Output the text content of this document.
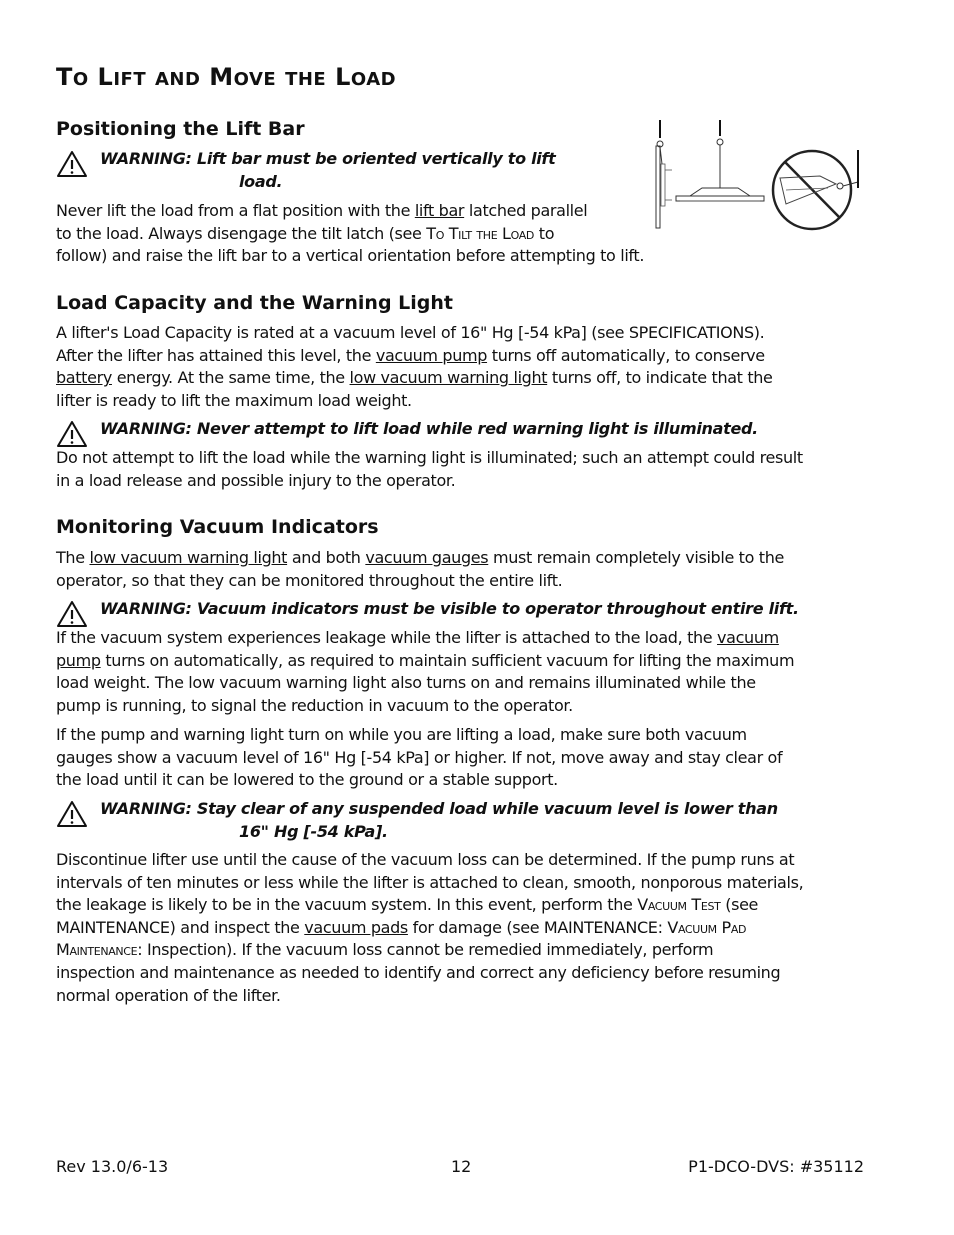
TO LIFT AND MOVE THE LOAD
Positioning the Lift Bar
WARNING: Lift bar must be oriented vertically to lift
load.

Never lift the load from a flat position with the lift bar latched parallel

to the load. Always disengage the tilt latch (see To Tilt the Load to

follow) and raise the lift bar to a vertical orientation before attempting to lift.

Load Capacity and the Warning Light

A lifter's Load Capacity is rated at a vacuum level of 16" Hg [-54 kPa] (see SPECIFICATIONS).

After the lifter has attained this level, the vacuum pump turns off automatically, to conserve

battery energy. At the same time, the low vacuum warning light turns off, to indicate that the

lifter is ready to lift the maximum load weight.

WARNING: Never attempt to lift load while red warning light is illuminated.

Do not attempt to lift the load while the warning light is illuminated; such an attempt could result

in a load release and possible injury to the operator.

Monitoring Vacuum Indicators

The low vacuum warning light and both vacuum gauges must remain completely visible to the

operator, so that they can be monitored throughout the entire lift.

WARNING: Vacuum indicators must be visible to operator throughout entire lift.

If the vacuum system experiences leakage while the lifter is attached to the load, the vacuum

pump turns on automatically, as required to maintain sufficient vacuum for lifting the maximum

load weight. The low vacuum warning light also turns on and remains illuminated while the

pump is running, to signal the reduction in vacuum to the operator.

If the pump and warning light turn on while you are lifting a load, make sure both vacuum

gauges show a vacuum level of 16" Hg [-54 kPa] or higher. If not, move away and stay clear of

the load until it can be lowered to the ground or a stable support.

WARNING: Stay clear of any suspended load while vacuum level is lower than
16" Hg [-54 kPa].

Discontinue lifter use until the cause of the vacuum loss can be determined. If the pump runs at

intervals of ten minutes or less while the lifter is attached to clean, smooth, nonporous materials,

the leakage is likely to be in the vacuum system. In this event, perform the Vacuum Test (see

MAINTENANCE) and inspect the vacuum pads for damage (see MAINTENANCE: Vacuum Pad

Maintenance: Inspection). If the vacuum loss cannot be remedied immediately, perform

inspection and maintenance as needed to identify and correct any deficiency before resuming

normal operation of the lifter.

Rev 13.0/6-13	12	P1-DCO-DVS: #35112
